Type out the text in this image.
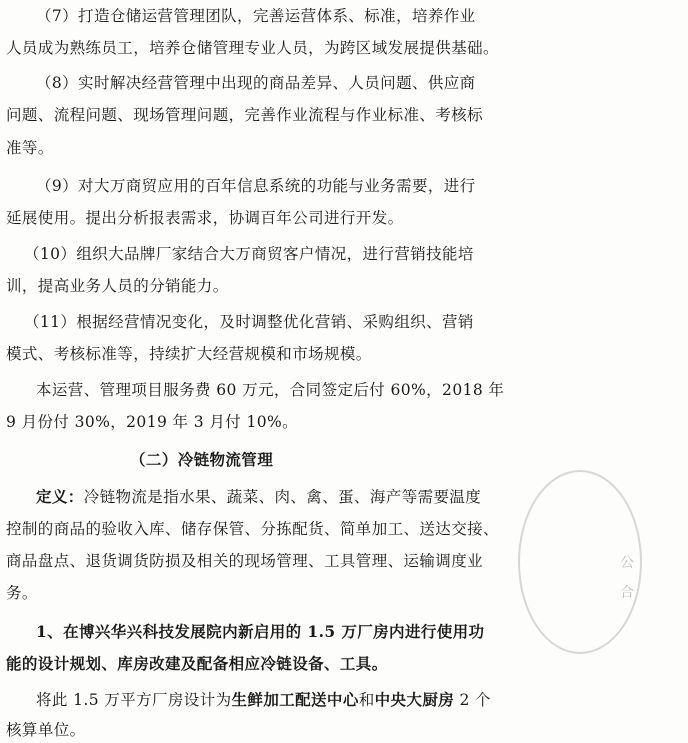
（7）打造仓储运营管理团队，完善运营体系、标准，培养作业
人员成为熟练员工，培养仓储管理专业人员，为跨区域发展提供基础。
（8）实时解决经营管理中出现的商品差异、人员问题、供应商
问题、流程问题、现场管理问题，完善作业流程与作业标准、考核标
准等。
（9）对大万商贸应用的百年信息系统的功能与业务需要，进行
延展使用。提出分析报表需求，协调百年公司进行开发。
（10）组织大品牌厂家结合大万商贸客户情况，进行营销技能培
训，提高业务人员的分销能力。
（11）根据经营情况变化，及时调整优化营销、采购组织、营销
模式、考核标准等，持续扩大经营规模和市场规模。
本运营、管理项目服务费 60 万元，合同签定后付 60%，2018 年
9 月份付 30%，2019 年 3 月付 10%。
（二）冷链物流管理
定义：冷链物流是指水果、蔬菜、肉、禽、蛋、海产等需要温度
控制的商品的验收入库、储存保管、分拣配货、简单加工、送达交接、
商品盘点、退货调货防损及相关的现场管理、工具管理、运输调度业
务。
1、在博兴华兴科技发展院内新启用的 1.5 万厂房内进行使用功
能的设计规划、库房改建及配备相应冷链设备、工具。
将此 1.5 万平方厂房设计为生鲜加工配送中心和中央大厨房 2 个
核算单位。
公
合
